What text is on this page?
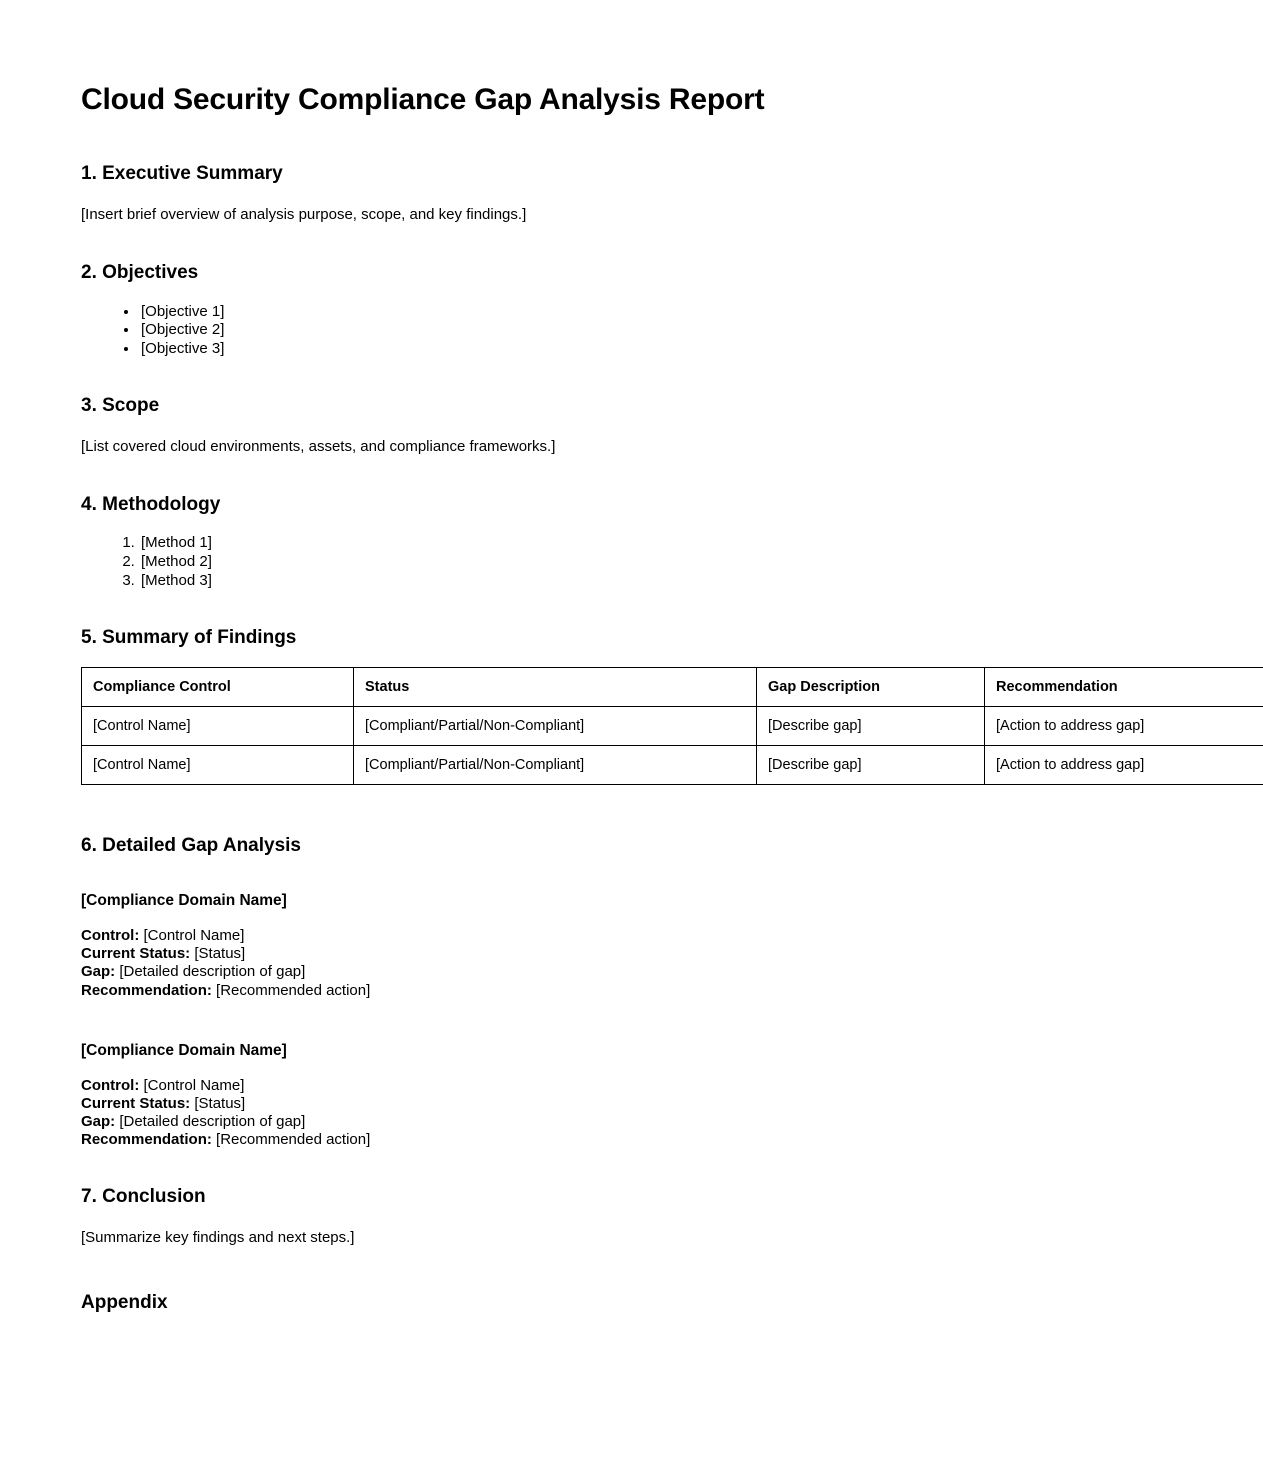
Cloud Security Compliance Gap Analysis Report
1. Executive Summary

[Insert brief overview of analysis purpose, scope, and key findings.]

2. Objectives
• [Objective 1]
• [Objective 2]
• [Objective 3]
3. Scope

[List covered cloud environments, assets, and compliance frameworks.]

4. Methodology
1. [Method 1]
2. [Method 2]
3. [Method 3]
5. Summary of Findings
Compliance Control	Status	Gap Description	Recommendation
[Control Name]	[Compliant/Partial/Non-Compliant]	[Describe gap]	[Action to address gap]
[Control Name]	[Compliant/Partial/Non-Compliant]	[Describe gap]	[Action to address gap]
6. Detailed Gap Analysis
[Compliance Domain Name]
Control: [Control Name]
Current Status: [Status]
Gap: [Detailed description of gap]
Recommendation: [Recommended action]
[Compliance Domain Name]
Control: [Control Name]
Current Status: [Status]
Gap: [Detailed description of gap]
Recommendation: [Recommended action]
7. Conclusion

[Summarize key findings and next steps.]

Appendix
